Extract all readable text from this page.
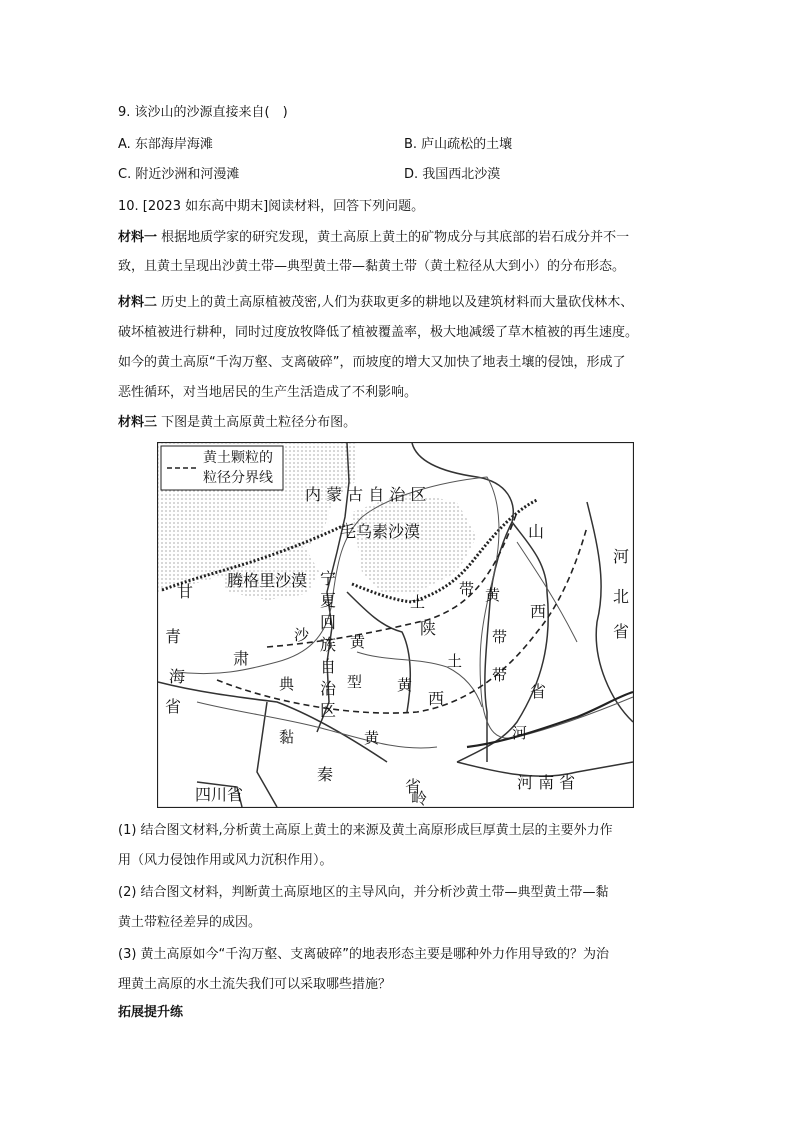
9. 该沙山的沙源直接来自(　)
A. 东部海岸海滩	B. 庐山疏松的土壤
C. 附近沙洲和河漫滩	D. 我国西北沙漠
10. [2023 如东高中期末]阅读材料，回答下列问题。
材料一 根据地质学家的研究发现，黄土高原上黄土的矿物成分与其底部的岩石成分并不一
致，且黄土呈现出沙黄土带—典型黄土带—黏黄土带（黄土粒径从大到小）的分布形态。
材料二 历史上的黄土高原植被茂密,人们为获取更多的耕地以及建筑材料而大量砍伐林木、
破坏植被进行耕种，同时过度放牧降低了植被覆盖率，极大地减缓了草木植被的再生速度。
如今的黄土高原“千沟万壑、支离破碎”，而坡度的增大又加快了地表土壤的侵蚀，形成了
恶性循环，对当地居民的生产生活造成了不利影响。
材料三 下图是黄土高原黄土粒径分布图。
黄土颗粒的
粒径分界线
内 蒙 古 自 治 区
毛乌素沙漠
腾格里沙漠
甘
肃
青
海
省
宁
夏
回
族
自
治
区
山
西
省
河
北
省
陕
西
省	河 南 省
四川省
秦
岭
沙
黄
土
带
典	型
黄
土
带
带
黏	黄
黄
河
(1) 结合图文材料,分析黄土高原上黄土的来源及黄土高原形成巨厚黄土层的主要外力作
用（风力侵蚀作用或风力沉积作用）。
(2) 结合图文材料，判断黄土高原地区的主导风向，并分析沙黄土带—典型黄土带—黏
黄土带粒径差异的成因。
(3) 黄土高原如今“千沟万壑、支离破碎”的地表形态主要是哪种外力作用导致的？为治
理黄土高原的水土流失我们可以采取哪些措施？
拓展提升练
